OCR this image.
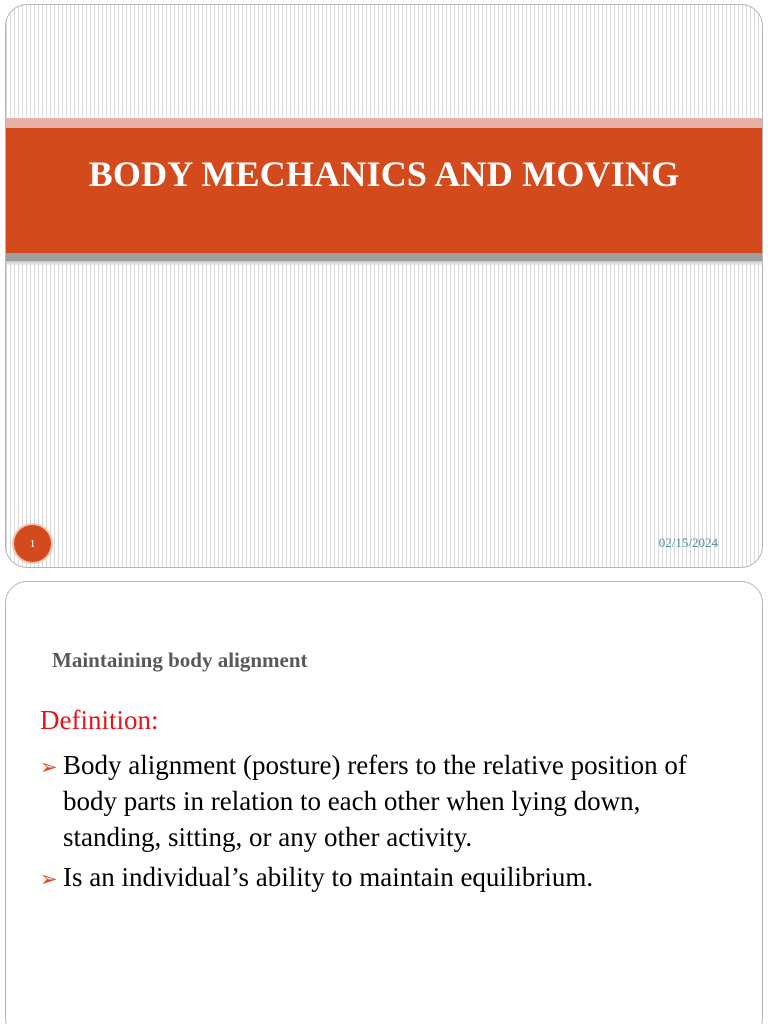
BODY MECHANICS AND MOVING
1	02/15/2024
Maintaining body alignment
Definition:
➢ Body alignment (posture) refers to the relative position of body parts in relation to each other when lying down, standing, sitting, or any other activity.
➢ Is an individual’s ability to maintain equilibrium.
